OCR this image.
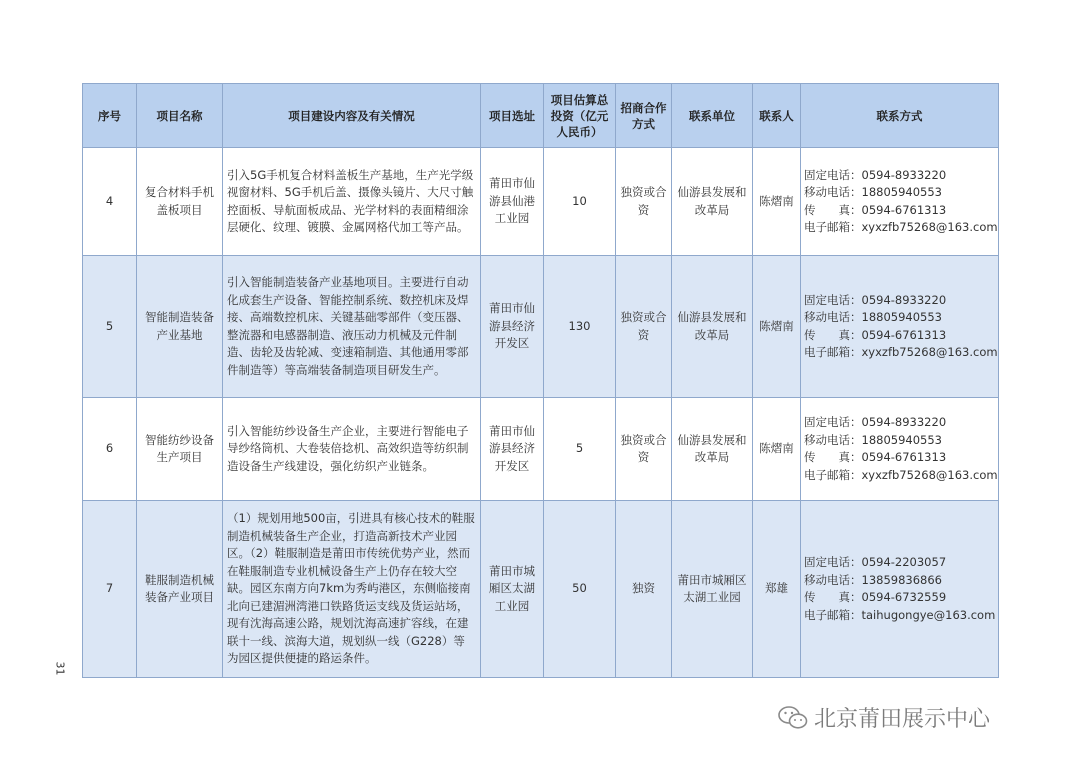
序号	项目名称	项目建设内容及有关情况	项目选址	项目估算总投资（亿元人民币）	招商合作方式	联系单位	联系人	联系方式
4	复合材料手机盖板项目	引入5G手机复合材料盖板生产基地，生产光学级视窗材料、5G手机后盖、摄像头镜片、大尺寸触控面板、导航面板成品、光学材料的表面精细涂层硬化、纹理、镀膜、金属网格代加工等产品。	莆田市仙游县仙港工业园	10	独资或合资	仙游县发展和改革局	陈熠南	固定电话：0594-8933220
移动电话：18805940553
传　　真：0594-6761313
电子邮箱：xyxzfb75268@163.com

5	智能制造装备产业基地	引入智能制造装备产业基地项目。主要进行自动化成套生产设备、智能控制系统、数控机床及焊接、高端数控机床、关键基础零部件（变压器、整流器和电感器制造、液压动力机械及元件制造、齿轮及齿轮减、变速箱制造、其他通用零部件制造等）等高端装备制造项目研发生产。	莆田市仙游县经济开发区	130	独资或合资	仙游县发展和改革局	陈熠南	固定电话：0594-8933220
移动电话：18805940553
传　　真：0594-6761313
电子邮箱：xyxzfb75268@163.com

6	智能纺纱设备生产项目	引入智能纺纱设备生产企业，主要进行智能电子导纱络筒机、大卷装倍捻机、高效织造等纺织制造设备生产线建设，强化纺织产业链条。	莆田市仙游县经济开发区	5	独资或合资	仙游县发展和改革局	陈熠南	固定电话：0594-8933220
移动电话：18805940553
传　　真：0594-6761313
电子邮箱：xyxzfb75268@163.com

7	鞋服制造机械装备产业项目	（1）规划用地500亩，引进具有核心技术的鞋服制造机械装备生产企业，打造高新技术产业园区。（2）鞋服制造是莆田市传统优势产业，然而在鞋服制造专业机械设备生产上仍存在较大空缺。园区东南方向7km为秀屿港区，东侧临接南北向已建湄洲湾港口铁路货运支线及货运站场，现有沈海高速公路，规划沈海高速扩容线，在建联十一线、滨海大道，规划纵一线（G228）等为园区提供便捷的路运条件。	莆田市城厢区太湖工业园	50	独资	莆田市城厢区太湖工业园	郑雄	固定电话：0594-2203057
移动电话：13859836866
传　　真：0594-6732559
电子邮箱：taihugongye@163.com
31
北京莆田展示中心
